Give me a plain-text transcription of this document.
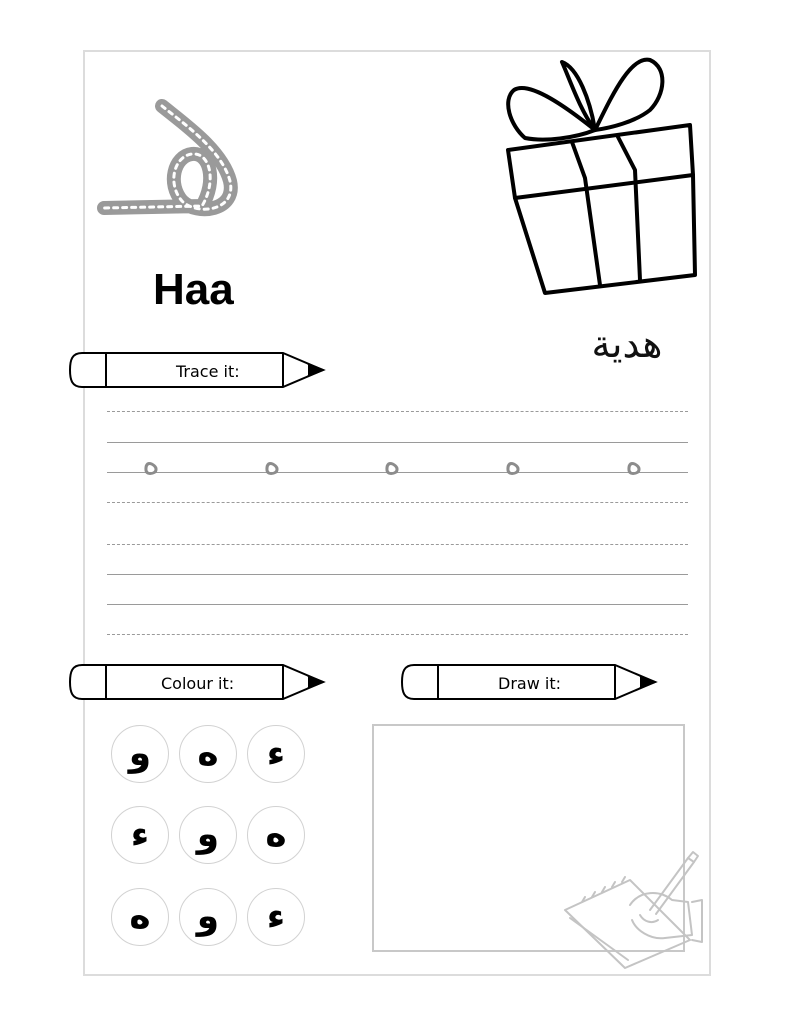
Haa
هدية
Trace it:
ه	ه	ه	ه	ه
Colour it:	Draw it:
و	ه	ء
ء	و	ه
ه	و	ء
